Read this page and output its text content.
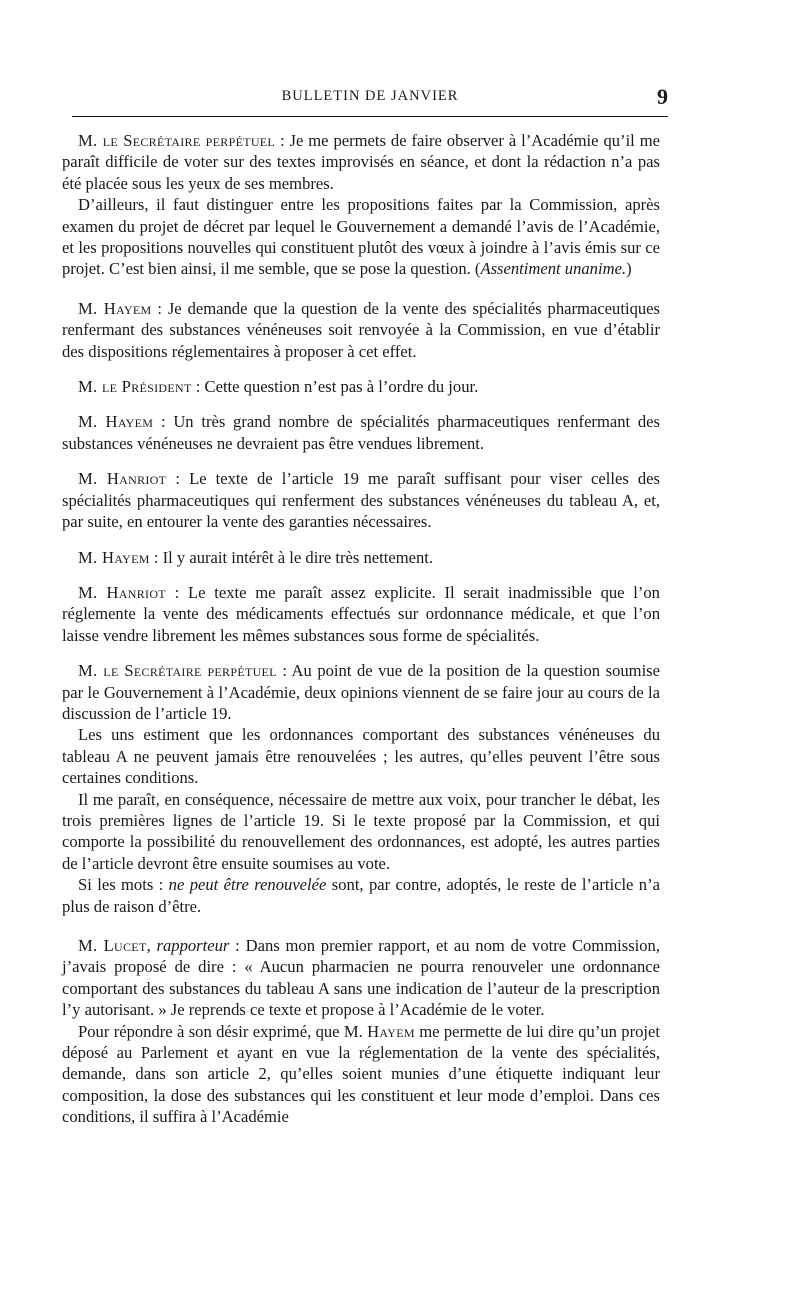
BULLETIN DE JANVIER	9

M. le Secrétaire perpétuel : Je me permets de faire observer à l’Académie qu’il me paraît difficile de voter sur des textes improvisés en séance, et dont la rédaction n’a pas été placée sous les yeux de ses membres.

D’ailleurs, il faut distinguer entre les propositions faites par la Commission, après examen du projet de décret par lequel le Gouvernement a demandé l’avis de l’Académie, et les propositions nouvelles qui constituent plutôt des vœux à joindre à l’avis émis sur ce projet. C’est bien ainsi, il me semble, que se pose la question. (Assentiment unanime.)

M. Hayem : Je demande que la question de la vente des spécialités pharmaceutiques renfermant des substances vénéneuses soit renvoyée à la Commission, en vue d’établir des dispositions réglementaires à proposer à cet effet.

M. le Président : Cette question n’est pas à l’ordre du jour.

M. Hayem : Un très grand nombre de spécialités pharmaceutiques renfermant des substances vénéneuses ne devraient pas être vendues librement.

M. Hanriot : Le texte de l’article 19 me paraît suffisant pour viser celles des spécialités pharmaceutiques qui renferment des substances vénéneuses du tableau A, et, par suite, en entourer la vente des garanties nécessaires.

M. Hayem : Il y aurait intérêt à le dire très nettement.

M. Hanriot : Le texte me paraît assez explicite. Il serait inadmissible que l’on réglemente la vente des médicaments effectués sur ordonnance médicale, et que l’on laisse vendre librement les mêmes substances sous forme de spécialités.

M. le Secrétaire perpétuel : Au point de vue de la position de la question soumise par le Gouvernement à l’Académie, deux opinions viennent de se faire jour au cours de la discussion de l’article 19.

Les uns estiment que les ordonnances comportant des substances vénéneuses du tableau A ne peuvent jamais être renouvelées ; les autres, qu’elles peuvent l’être sous certaines conditions.

Il me paraît, en conséquence, nécessaire de mettre aux voix, pour trancher le débat, les trois premières lignes de l’article 19. Si le texte proposé par la Commission, et qui comporte la possibilité du renouvellement des ordonnances, est adopté, les autres parties de l’article devront être ensuite soumises au vote.

Si les mots : ne peut être renouvelée sont, par contre, adoptés, le reste de l’article n’a plus de raison d’être.

M. Lucet, rapporteur : Dans mon premier rapport, et au nom de votre Commission, j’avais proposé de dire : « Aucun pharmacien ne pourra renouveler une ordonnance comportant des substances du tableau A sans une indication de l’auteur de la prescription l’y autorisant. » Je reprends ce texte et propose à l’Académie de le voter.

Pour répondre à son désir exprimé, que M. Hayem me permette de lui dire qu’un projet déposé au Parlement et ayant en vue la réglementation de la vente des spécialités, demande, dans son article 2, qu’elles soient munies d’une étiquette indiquant leur composition, la dose des substances qui les constituent et leur mode d’emploi. Dans ces conditions, il suffira à l’Académie
